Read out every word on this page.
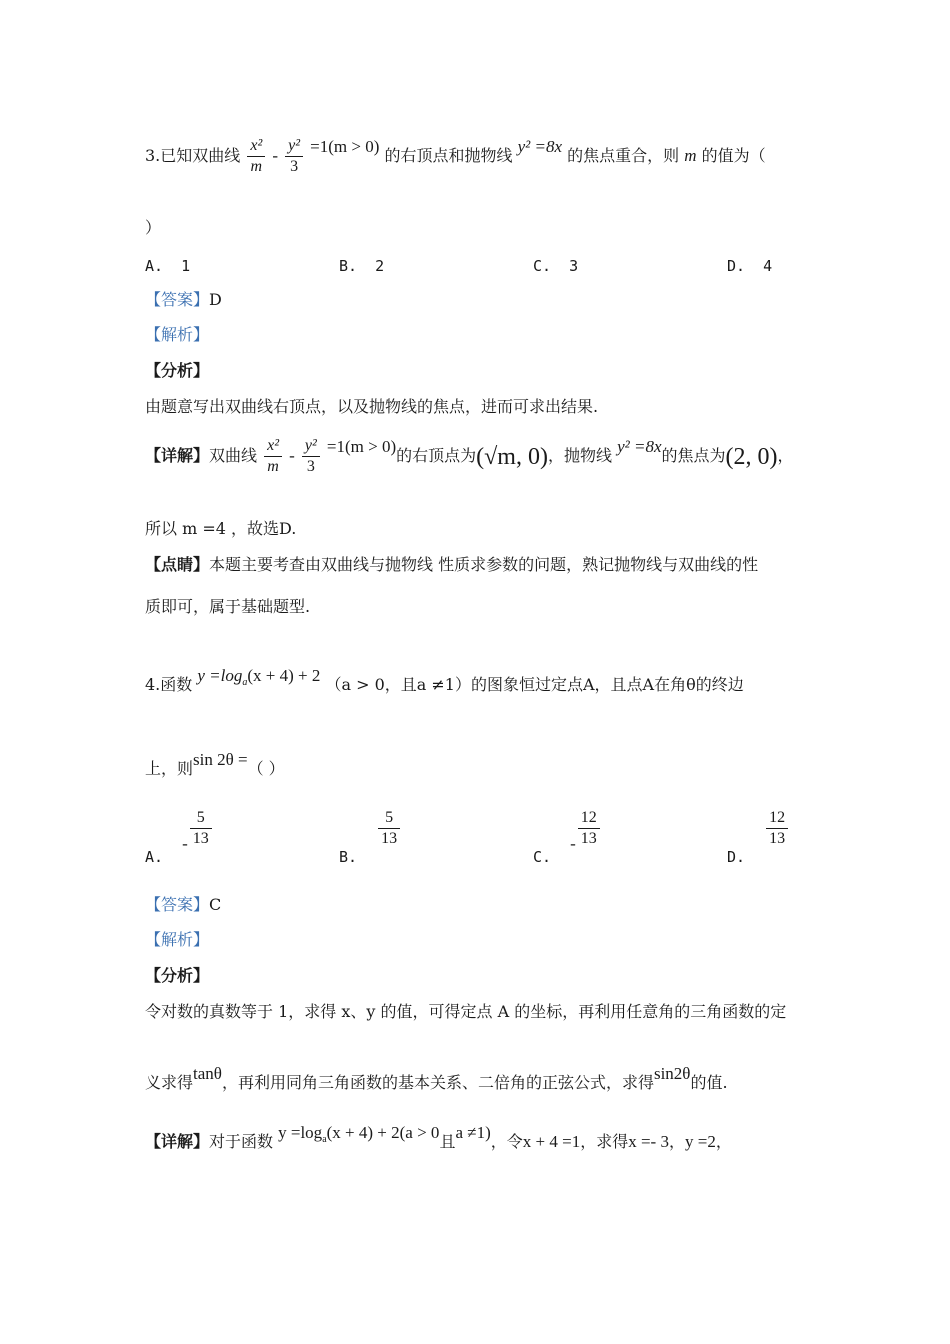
3.已知双曲线 $\frac{\text{x²}}{m} - \frac{\text{y²}}{3} =1(m > 0)$ 的右顶点和抛物线 y² =8x 的焦点重合，则 m 的值为（
）
A. 1	B. 2	C. 3	D. 4
【答案】D
【解析】
【分析】
由题意写出双曲线右顶点，以及抛物线的焦点，进而可求出结果.
【详解】双曲线 $\frac{\text{x²}}{m} - \frac{\text{y²}}{3} =1(m > 0)$的右顶点为(√m, 0)，抛物线 y² =8x的焦点为(2, 0)，
所以 m =4 ，故选D.
【点睛】本题主要考查由双曲线与抛物线 性质求参数的问题，熟记抛物线与双曲线的性
质即可，属于基础题型.
4.函数 $y =\log_a(x + 4) + 2$ （a > 0，且a ≠1）的图象恒过定点A，且点A在角θ的终边
上，则sin 2θ =（ ）
A. - $\frac{5}{13}$
B.
$\frac{5}{13}$
C. - $\frac{12}{13}$
D.
$\frac{12}{13}$
【答案】C
【解析】
【分析】
令对数的真数等于 1，求得 x、y 的值，可得定点 A 的坐标，再利用任意角的三角函数的定
义求得tanθ，再利用同角三角函数的基本关系、二倍角的正弦公式，求得sin2θ的值.
【详解】对于函数 $y =\log_a(x + 4) + 2(a > 0$且a ≠1)，令x + 4 =1，求得x =- 3，y =2，
